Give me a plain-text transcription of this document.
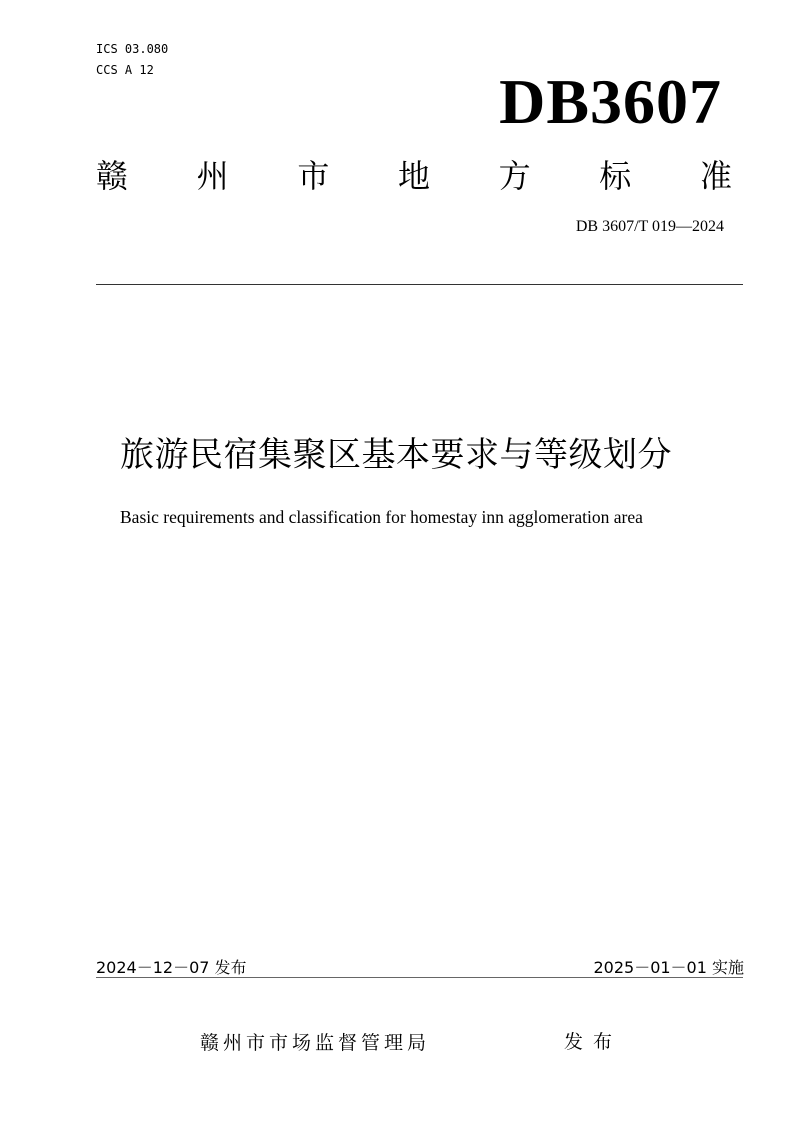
ICS 03.080
CCS A 12	DB3607
赣 州 市 地 方 标 准
DB 3607/T 019—2024
旅游民宿集聚区基本要求与等级划分
Basic requirements and classification for homestay inn agglomeration area
2024－12－07 发布	2025－01－01 实施
赣州市市场监督管理局	发布
